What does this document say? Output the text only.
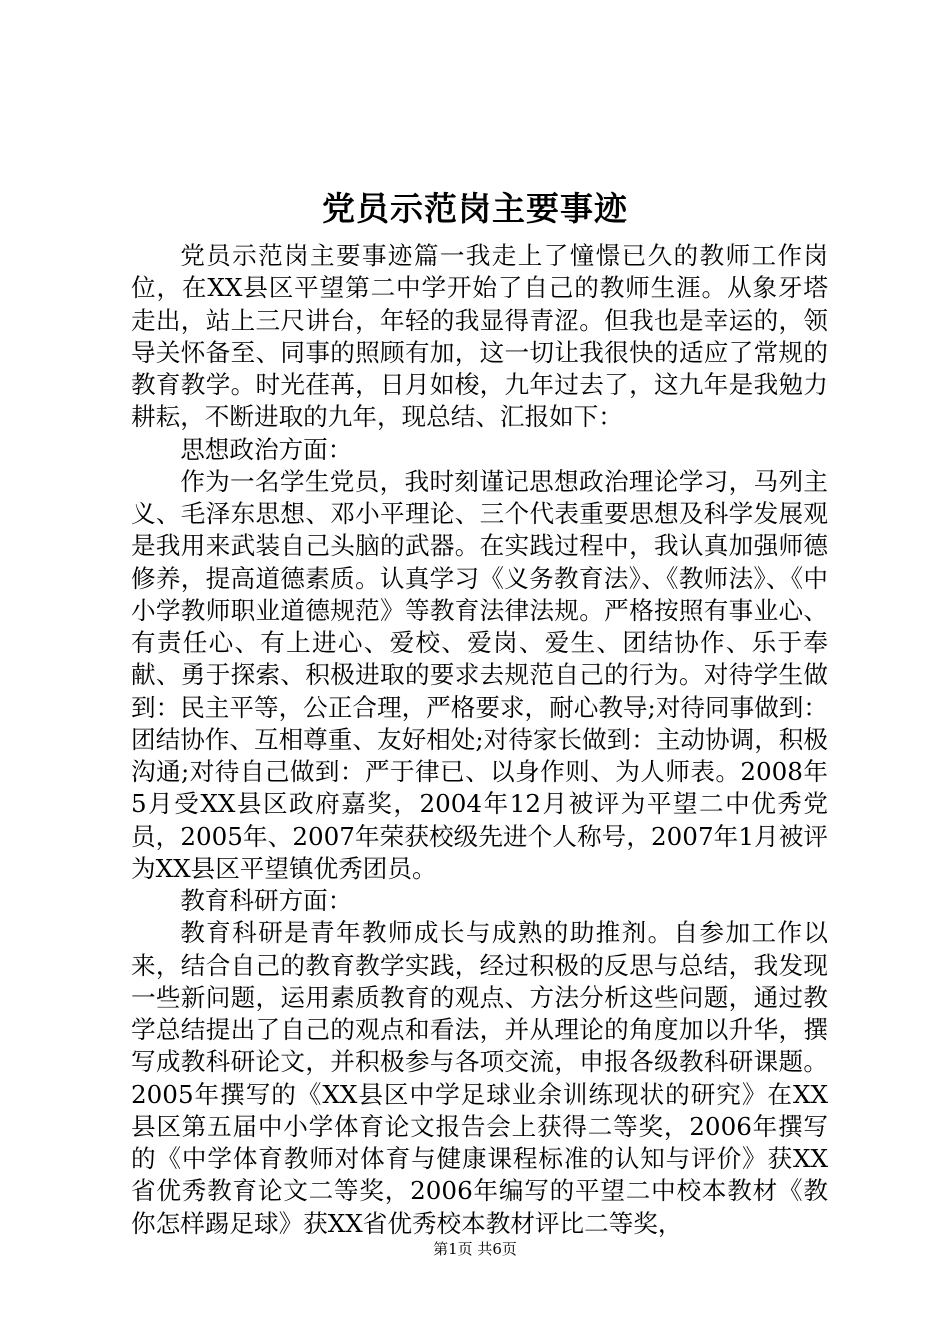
党员示范岗主要事迹

党员示范岗主要事迹篇一我走上了憧憬已久的教师工作岗位，在XX县区平望第二中学开始了自己的教师生涯。从象牙塔走出，站上三尺讲台，年轻的我显得青涩。但我也是幸运的，领导关怀备至、同事的照顾有加，这一切让我很快的适应了常规的教育教学。时光荏苒，日月如梭，九年过去了，这九年是我勉力耕耘，不断进取的九年，现总结、汇报如下：

思想政治方面：

作为一名学生党员，我时刻谨记思想政治理论学习，马列主义、毛泽东思想、邓小平理论、三个代表重要思想及科学发展观是我用来武装自己头脑的武器。在实践过程中，我认真加强师德修养，提高道德素质。认真学习《义务教育法》、《教师法》、《中小学教师职业道德规范》等教育法律法规。严格按照有事业心、有责任心、有上进心、爱校、爱岗、爱生、团结协作、乐于奉献、勇于探索、积极进取的要求去规范自己的行为。对待学生做到：民主平等，公正合理，严格要求，耐心教导;对待同事做到：团结协作、互相尊重、友好相处;对待家长做到：主动协调，积极沟通;对待自己做到：严于律已、以身作则、为人师表。2008年5月受XX县区政府嘉奖，2004年12月被评为平望二中优秀党员，2005年、2007年荣获校级先进个人称号，2007年1月被评为XX县区平望镇优秀团员。

教育科研方面：

教育科研是青年教师成长与成熟的助推剂。自参加工作以来，结合自己的教育教学实践，经过积极的反思与总结，我发现一些新问题，运用素质教育的观点、方法分析这些问题，通过教学总结提出了自己的观点和看法，并从理论的角度加以升华，撰写成教科研论文，并积极参与各项交流，申报各级教科研课题。2005年撰写的《XX县区中学足球业余训练现状的研究》在XX县区第五届中小学体育论文报告会上获得二等奖，2006年撰写的《中学体育教师对体育与健康课程标准的认知与评价》获XX省优秀教育论文二等奖，2006年编写的平望二中校本教材《教你怎样踢足球》获XX省优秀校本教材评比二等奖，

第1页 共6页
